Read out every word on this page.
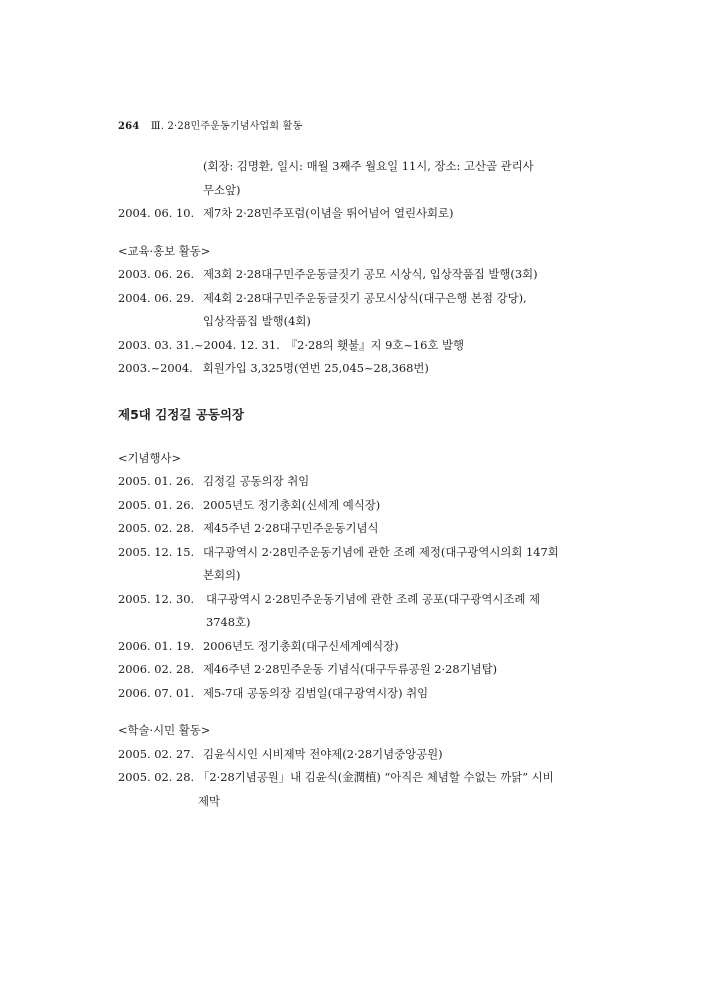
264 Ⅲ. 2·28민주운동기념사업회 활동
(회장: 김명환, 일시: 매월 3째주 월요일 11시, 장소: 고산골 관리사
무소앞)
2004. 06. 10. 제7차 2·28민주포럼(이념을 뛰어넘어 열린사회로)
<교육·홍보 활동>
2003. 06. 26. 제3회 2·28대구민주운동글짓기 공모 시상식, 입상작품집 발행(3회)
2004. 06. 29. 제4회 2·28대구민주운동글짓기 공모시상식(대구은행 본점 강당),
입상작품집 발행(4회)
2003. 03. 31.~2004. 12. 31. 『2·28의 횃불』지 9호~16호 발행
2003.~2004. 회원가입 3,325명(연번 25,045~28,368번)
제5대 김정길 공동의장
<기념행사>
2005. 01. 26. 김정길 공동의장 취임
2005. 01. 26. 2005년도 정기총회(신세계 예식장)
2005. 02. 28. 제45주년 2·28대구민주운동기념식
2005. 12. 15. 대구광역시 2·28민주운동기념에 관한 조례 제정(대구광역시의회 147회
본회의)
2005. 12. 30.	대구광역시 2·28민주운동기념에 관한 조례 공포(대구광역시조례 제
3748호)
2006. 01. 19. 2006년도 정기총회(대구신세계예식장)
2006. 02. 28. 제46주년 2·28민주운동 기념식(대구두류공원 2·28기념탑)
2006. 07. 01. 제5-7대 공동의장 김범일(대구광역시장) 취임
<학술·시민 활동>
2005. 02. 27. 김윤식시인 시비제막 전야제(2·28기념중앙공원)
2005. 02. 28. 「2·28기념공원」내 김윤식(金潤植) “아직은 체념할 수없는 까닭” 시비
제막
